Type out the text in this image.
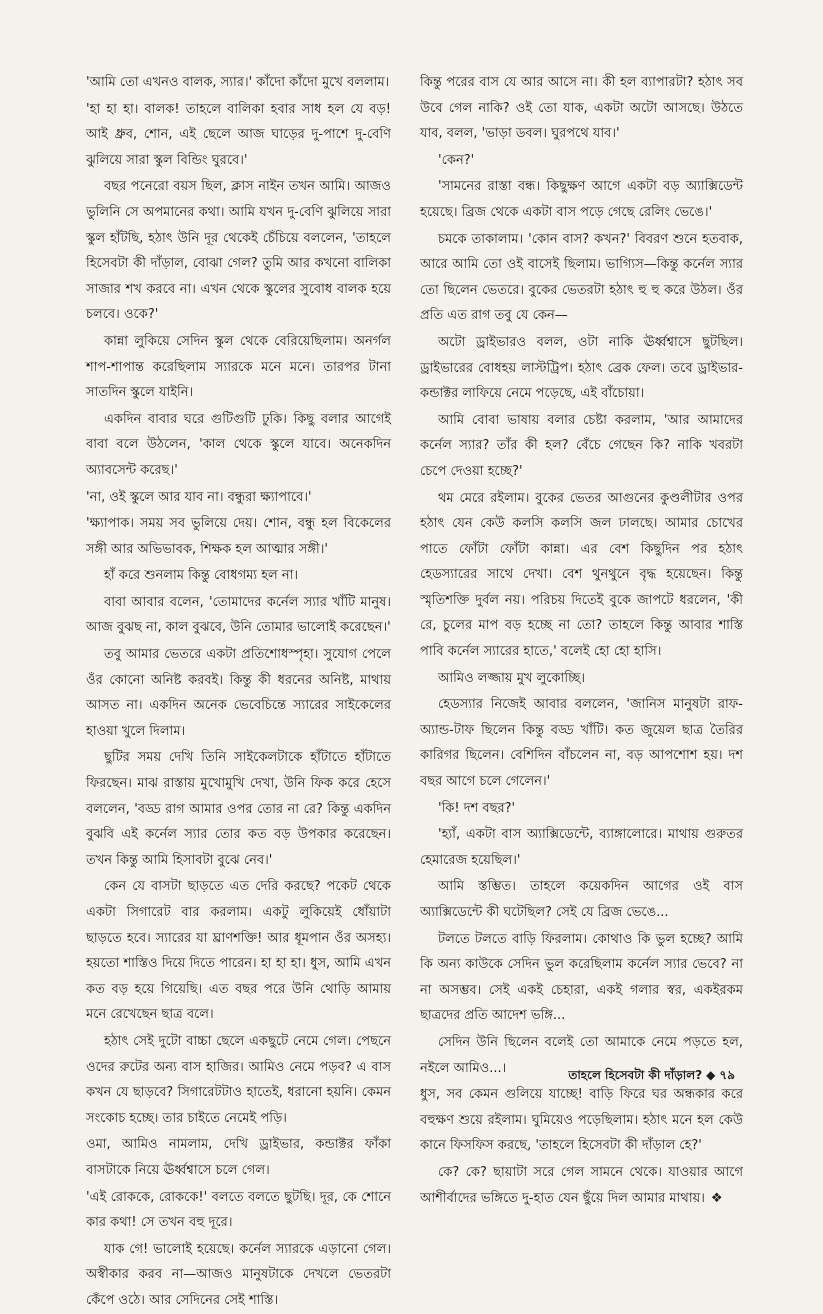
'আমি তো এখনও বালক, স্যার।' কাঁদো কাঁদো মুখে বললাম।

'হা হা হা। বালক! তাহলে বালিকা হবার সাধ হল যে বড়! আই ধ্রুব, শোন, এই ছেলে আজ ঘাড়ের দু-পাশে দু-বেণি ঝুলিয়ে সারা স্কুল বিন্ডিং ঘুরবে।'

বছর পনেরো বয়স ছিল, ক্লাস নাইন তখন আমি। আজও ভুলিনি সে অপমানের কথা। আমি যখন দু-বেণি ঝুলিয়ে সারা স্কুল হাঁটছি, হঠাৎ উনি দূর থেকেই চেঁচিয়ে বললেন, 'তাহলে হিসেবটা কী দাঁড়াল, বোঝা গেল? তুমি আর কখনো বালিকা সাজার শখ করবে না। এখন থেকে স্কুলের সুবোধ বালক হয়ে চলবে। ওকে?'

কান্না লুকিয়ে সেদিন স্কুল থেকে বেরিয়েছিলাম। অনর্গল শাপ-শাপান্ত করেছিলাম স্যারকে মনে মনে। তারপর টানা সাতদিন স্কুলে যাইনি।

একদিন বাবার ঘরে গুটিগুটি ঢুকি। কিছু বলার আগেই বাবা বলে উঠলেন, 'কাল থেকে স্কুলে যাবে। অনেকদিন অ্যাবসেন্ট করেছ।'

'না, ওই স্কুলে আর যাব না। বন্ধুরা ক্ষ্যাপাবে।'

'ক্ষ্যাপাক। সময় সব ভুলিয়ে দেয়। শোন, বন্ধু হল বিকেলের সঙ্গী আর অভিভাবক, শিক্ষক হল আত্মার সঙ্গী।'

হাঁ করে শুনলাম কিন্তু বোধগম্য হল না।

বাবা আবার বলেন, 'তোমাদের কর্নেল স্যার খাঁটি মানুষ। আজ বুঝছ না, কাল বুঝবে, উনি তোমার ভালোই করেছেন।'

তবু আমার ভেতরে একটা প্রতিশোধস্পৃহা। সুযোগ পেলে ওঁর কোনো অনিষ্ট করবই। কিন্তু কী ধরনের অনিষ্ট, মাথায় আসত না। একদিন অনেক ভেবেচিন্তে স্যারের সাইকেলের হাওয়া খুলে দিলাম।

ছুটির সময় দেখি তিনি সাইকেলটাকে হাঁটাতে হাঁটাতে ফিরছেন। মাঝ রাস্তায় মুখোমুখি দেখা, উনি ফিক করে হেসে বললেন, 'বড্ড রাগ আমার ওপর তোর না রে? কিন্তু একদিন বুঝবি এই কর্নেল স্যার তোর কত বড় উপকার করেছেন। তখন কিন্তু আমি হিসাবটা বুঝে নেব।'

কেন যে বাসটা ছাড়তে এত দেরি করছে? পকেট থেকে একটা সিগারেট বার করলাম। একটু লুকিয়েই ধোঁয়াটা ছাড়তে হবে। স্যারের যা ঘ্রাণশক্তি! আর ধূমপান ওঁর অসহ্য। হয়তো শাস্তিও দিয়ে দিতে পারেন। হা হা হা। ধুস, আমি এখন কত বড় হয়ে গিয়েছি। এত বছর পরে উনি থোড়ি আমায় মনে রেখেছেন ছাত্র বলে।

হঠাৎ সেই দুটো বাচ্চা ছেলে একছুটে নেমে গেল। পেছনে ওদের রুটের অন্য বাস হাজির। আমিও নেমে পড়ব? এ বাস কখন যে ছাড়বে? সিগারেটটাও হাতেই, ধরানো হয়নি। কেমন সংকোচ হচ্ছে। তার চাইতে নেমেই পড়ি।

ওমা, আমিও নামলাম, দেখি ড্রাইভার, কন্ডাক্টর ফাঁকা বাসটাকে নিয়ে ঊর্ধ্বশ্বাসে চলে গেল।

'এই রোককে, রোককে!' বলতে বলতে ছুটছি। দূর, কে শোনে কার কথা! সে তখন বহু দূরে।

যাক গে! ভালোই হয়েছে। কর্নেল স্যারকে এড়ানো গেল। অস্বীকার করব না—আজও মানুষটাকে দেখলে ভেতরটা কেঁপে ওঠে। আর সেদিনের সেই শাস্তি।

কিন্তু পরের বাস যে আর আসে না। কী হল ব্যাপারটা? হঠাৎ সব উবে গেল নাকি? ওই তো যাক, একটা অটো আসছে। উঠতে যাব, বলল, 'ভাড়া ডবল। ঘুরপথে যাব।'

'কেন?'

'সামনের রাস্তা বন্ধ। কিছুক্ষণ আগে একটা বড় অ্যাক্সিডেন্ট হয়েছে। ব্রিজ থেকে একটা বাস পড়ে গেছে রেলিং ভেঙে।'

চমকে তাকালাম। 'কোন বাস? কখন?' বিবরণ শুনে হতবাক, আরে আমি তো ওই বাসেই ছিলাম। ভাগ্যিস—কিন্তু কর্নেল স্যার তো ছিলেন ভেতরে। বুকের ভেতরটা হঠাৎ হু হু করে উঠল। ওঁর প্রতি এত রাগ তবু যে কেন—

অটো ড্রাইভারও বলল, ওটা নাকি ঊর্ধ্বশ্বাসে ছুটছিল। ড্রাইভারের বোধহয় লাস্টট্রিপ। হঠাৎ ব্রেক ফেল। তবে ড্রাইভার-কন্ডাক্টর লাফিয়ে নেমে পড়েছে, এই বাঁচোয়া।

আমি বোবা ভাষায় বলার চেষ্টা করলাম, 'আর আমাদের কর্নেল স্যার? তাঁর কী হল? বেঁচে গেছেন কি? নাকি খবরটা চেপে দেওয়া হচ্ছে?'

থম মেরে রইলাম। বুকের ভেতর আগুনের কুণ্ডলীটার ওপর হঠাৎ যেন কেউ কলসি কলসি জল ঢালছে। আমার চোখের পাতে ফোঁটা ফোঁটা কান্না। এর বেশ কিছুদিন পর হঠাৎ হেডস্যারের সাথে দেখা। বেশ থুনথুনে বৃদ্ধ হয়েছেন। কিন্তু স্মৃতিশক্তি দুর্বল নয়। পরিচয় দিতেই বুকে জাপটে ধরলেন, 'কী রে, চুলের মাপ বড় হচ্ছে না তো? তাহলে কিন্তু আবার শাস্তি পাবি কর্নেল স্যারের হাতে,' বলেই হো হো হাসি।

আমিও লজ্জায় মুখ লুকোচ্ছি।

হেডস্যার নিজেই আবার বললেন, 'জানিস মানুষটা রাফ-অ্যান্ড-টাফ ছিলেন কিন্তু বড্ড খাঁটি। কত জুয়েল ছাত্র তৈরির কারিগর ছিলেন। বেশিদিন বাঁচলেন না, বড় আপশোশ হয়। দশ বছর আগে চলে গেলেন।'

'কি! দশ বছর?'

'হ্যাঁ, একটা বাস অ্যাক্সিডেন্টে, ব্যাঙ্গালোরে। মাথায় গুরুতর হেমারেজ হয়েছিল।'

আমি স্তম্ভিত। তাহলে কয়েকদিন আগের ওই বাস অ্যাক্সিডেন্টে কী ঘটেছিল? সেই যে ব্রিজ ভেঙে...

টলতে টলতে বাড়ি ফিরলাম। কোথাও কি ভুল হচ্ছে? আমি কি অন্য কাউকে সেদিন ভুল করেছিলাম কর্নেল স্যার ভেবে? না না অসম্ভব। সেই একই চেহারা, একই গলার স্বর, একইরকম ছাত্রদের প্রতি আদেশ ভঙ্গি...

সেদিন উনি ছিলেন বলেই তো আমাকে নেমে পড়তে হল, নইলে আমিও...।

ধুস, সব কেমন গুলিয়ে যাচ্ছে! বাড়ি ফিরে ঘর অন্ধকার করে বহুক্ষণ শুয়ে রইলাম। ঘুমিয়েও পড়েছিলাম। হঠাৎ মনে হল কেউ কানে ফিসফিস করছে, 'তাহলে হিসেবটা কী দাঁড়াল হে?'

কে? কে? ছায়াটা সরে গেল সামনে থেকে। যাওয়ার আগে আশীর্বাদের ভঙ্গিতে দু-হাত যেন ছুঁয়ে দিল আমার মাথায়। ❖

তাহলে হিসেবটা কী দাঁড়াল? ◆ ৭৯
